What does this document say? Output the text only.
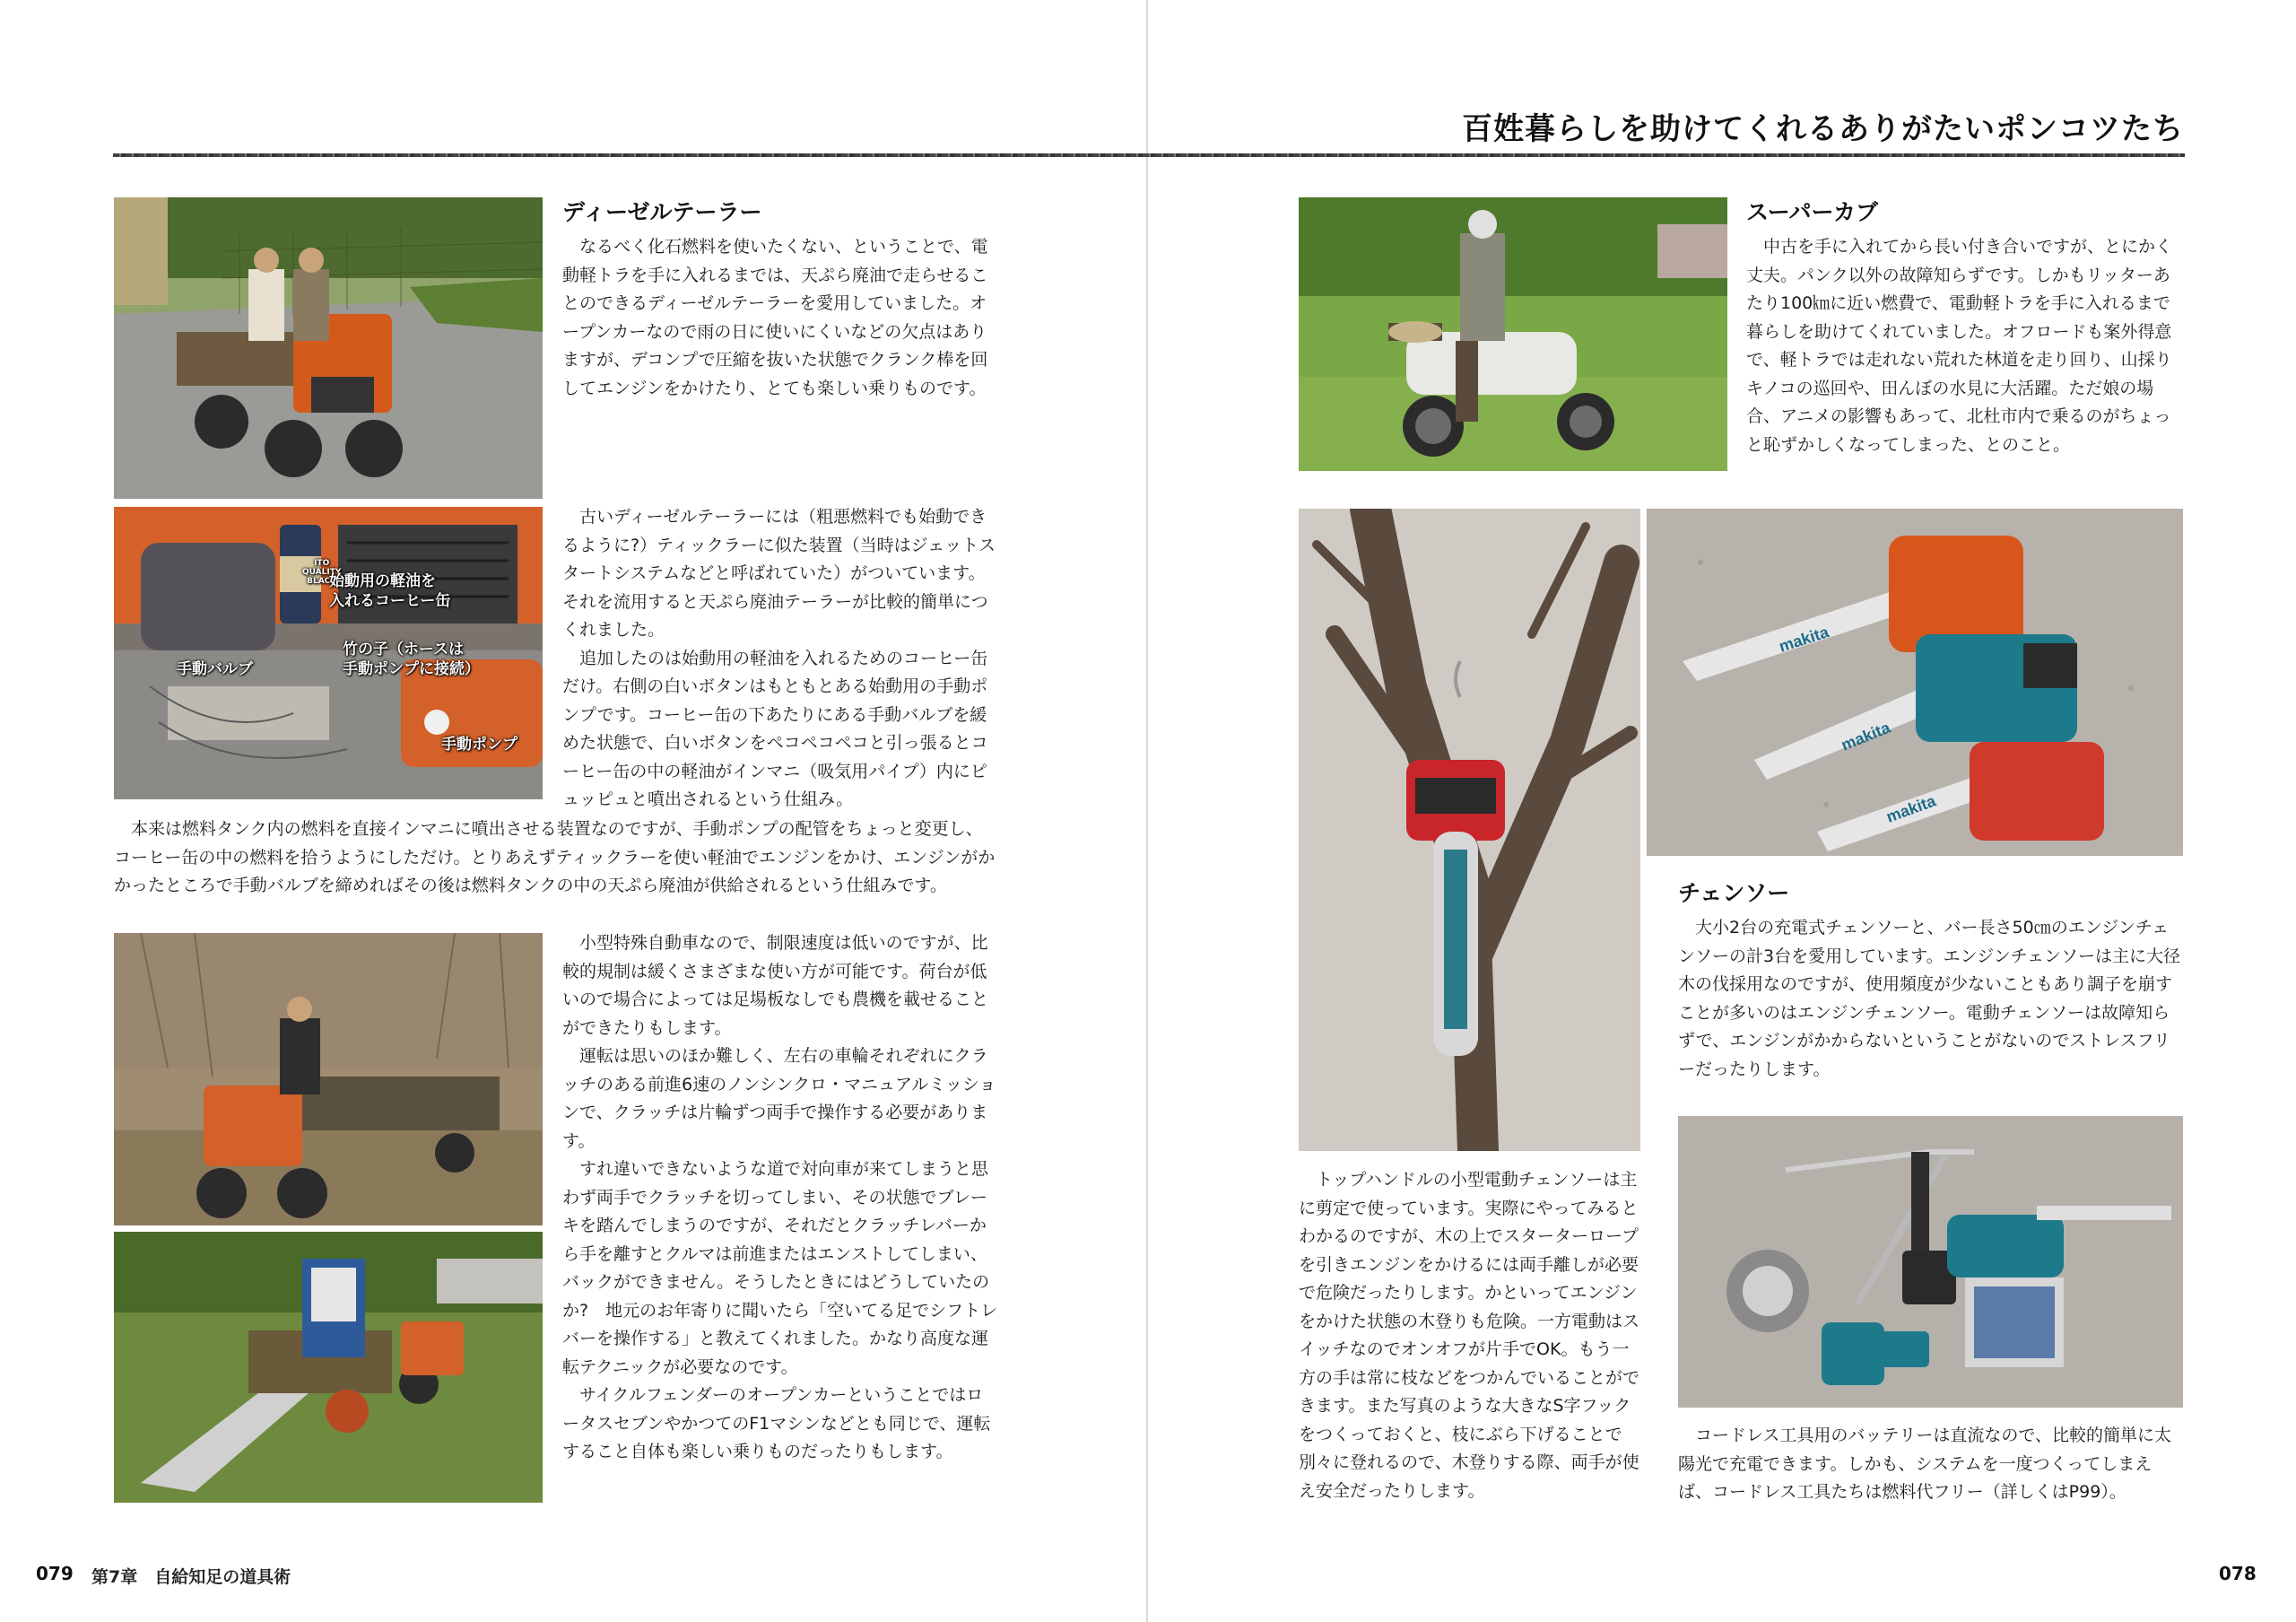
百姓暮らしを助けてくれるありがたいポンコツたち
ディーゼルテーラー

なるべく化石燃料を使いたくない、ということで、電動軽トラを手に入れるまでは、天ぷら廃油で走らせることのできるディーゼルテーラーを愛用していました。オープンカーなので雨の日に使いにくいなどの欠点はありますが、デコンプで圧縮を抜いた状態でクランク棒を回してエンジンをかけたり、とても楽しい乗りものです。

ITO
QUALITY
BLACK
始動用の軽油を
入れるコーヒー缶
竹の子（ホースは
手動ポンプに接続）
手動バルブ
手動ポンプ

古いディーゼルテーラーには（粗悪燃料でも始動できるように?）ティックラーに似た装置（当時はジェットスタートシステムなどと呼ばれていた）がついています。それを流用すると天ぷら廃油テーラーが比較的簡単につくれました。

追加したのは始動用の軽油を入れるためのコーヒー缶だけ。右側の白いボタンはもともとある始動用の手動ポンプです。コーヒー缶の下あたりにある手動バルブを緩めた状態で、白いボタンをペコペコペコと引っ張るとコーヒー缶の中の軽油がインマニ（吸気用パイプ）内にピュッピュと噴出されるという仕組み。

本来は燃料タンク内の燃料を直接インマニに噴出させる装置なのですが、手動ポンプの配管をちょっと変更し、コーヒー缶の中の燃料を拾うようにしただけ。とりあえずティックラーを使い軽油でエンジンをかけ、エンジンがかかったところで手動バルブを締めればその後は燃料タンクの中の天ぷら廃油が供給されるという仕組みです。

小型特殊自動車なので、制限速度は低いのですが、比較的規制は緩くさまざまな使い方が可能です。荷台が低いので場合によっては足場板なしでも農機を載せることができたりもします。

運転は思いのほか難しく、左右の車輪それぞれにクラッチのある前進6速のノンシンクロ・マニュアルミッションで、クラッチは片輪ずつ両手で操作する必要があります。

すれ違いできないような道で対向車が来てしまうと思わず両手でクラッチを切ってしまい、その状態でブレーキを踏んでしまうのですが、それだとクラッチレバーから手を離すとクルマは前進またはエンストしてしまい、バックができません。そうしたときにはどうしていたのか?　地元のお年寄りに聞いたら「空いてる足でシフトレバーを操作する」と教えてくれました。かなり高度な運転テクニックが必要なのです。

サイクルフェンダーのオープンカーということではロータスセブンやかつてのF1マシンなどとも同じで、運転すること自体も楽しい乗りものだったりもします。

079 第7章　自給知足の道具術
スーパーカブ

中古を手に入れてから長い付き合いですが、とにかく丈夫。パンク以外の故障知らずです。しかもリッターあたり100㎞に近い燃費で、電動軽トラを手に入れるまで暮らしを助けてくれていました。オフロードも案外得意で、軽トラでは走れない荒れた林道を走り回り、山採りキノコの巡回や、田んぼの水見に大活躍。ただ娘の場合、アニメの影響もあって、北杜市内で乗るのがちょっと恥ずかしくなってしまった、とのこと。

makita
makita
makita
チェンソー

大小2台の充電式チェンソーと、バー長さ50㎝のエンジンチェンソーの計3台を愛用しています。エンジンチェンソーは主に大径木の伐採用なのですが、使用頻度が少ないこともあり調子を崩すことが多いのはエンジンチェンソー。電動チェンソーは故障知らずで、エンジンがかからないということがないのでストレスフリーだったりします。

トップハンドルの小型電動チェンソーは主に剪定で使っています。実際にやってみるとわかるのですが、木の上でスターターロープを引きエンジンをかけるには両手離しが必要で危険だったりします。かといってエンジンをかけた状態の木登りも危険。一方電動はスイッチなのでオンオフが片手でOK。もう一方の手は常に枝などをつかんでいることができます。また写真のような大きなS字フックをつくっておくと、枝にぶら下げることで別々に登れるので、木登りする際、両手が使え安全だったりします。

コードレス工具用のバッテリーは直流なので、比較的簡単に太陽光で充電できます。しかも、システムを一度つくってしまえば、コードレス工具たちは燃料代フリー（詳しくはP99）。

078
